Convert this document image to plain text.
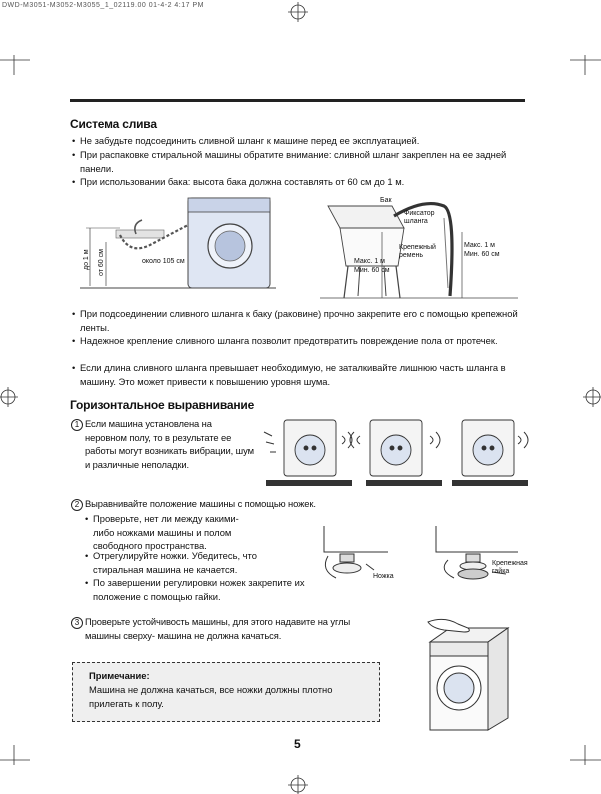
DWD-M3051-M3052-M3055_1_02119.00 01-4-2 4:17 PM
Система слива
• Не забудьте подсоединить сливной шланг к машине перед ее эксплуатацией.
• При распаковке стиральной машины обратите внимание: сливной шланг закреплен на ее задней панели.
• При использовании бака: высота бака должна составлять от 60 см до 1 м.
до 1 м от 60 см	около 105 см
Бак
Фиксатор шланга
Крепежный ремень
Макс. 1 м
Мин. 60 см
Макс. 1 м
Мин. 60 см
• При подсоединении сливного шланга к баку (раковине) прочно закрепите его с помощью крепежной ленты.
• Надежное крепление сливного шланга позволит предотвратить повреждение пола от протечек.
• Если длина сливного шланга превышает необходимую, не заталкивайте лишнюю часть шланга в машину. Это может привести к повышению уровня шума.
Горизонтальное выравнивание
1 Если машина установлена на неровном полу, то в результате ее работы могут возникать вибрации, шум и различные неполадки.
2 Выравнивайте положение машины с помощью ножек.
• Проверьте, нет ли между какими-либо ножками машины и полом свободного пространства.
• Отрегулируйте ножки. Убедитесь, что стиральная машина не качается.
• По завершении регулировки ножек закрепите их положение с помощью гайки.
Ножка
Крепежная гайка
3 Проверьте устойчивость машины, для этого надавите на углы машины сверху- машина не должна качаться.
Примечание:
Машина не должна качаться, все ножки должны плотно прилегать к полу.
5
